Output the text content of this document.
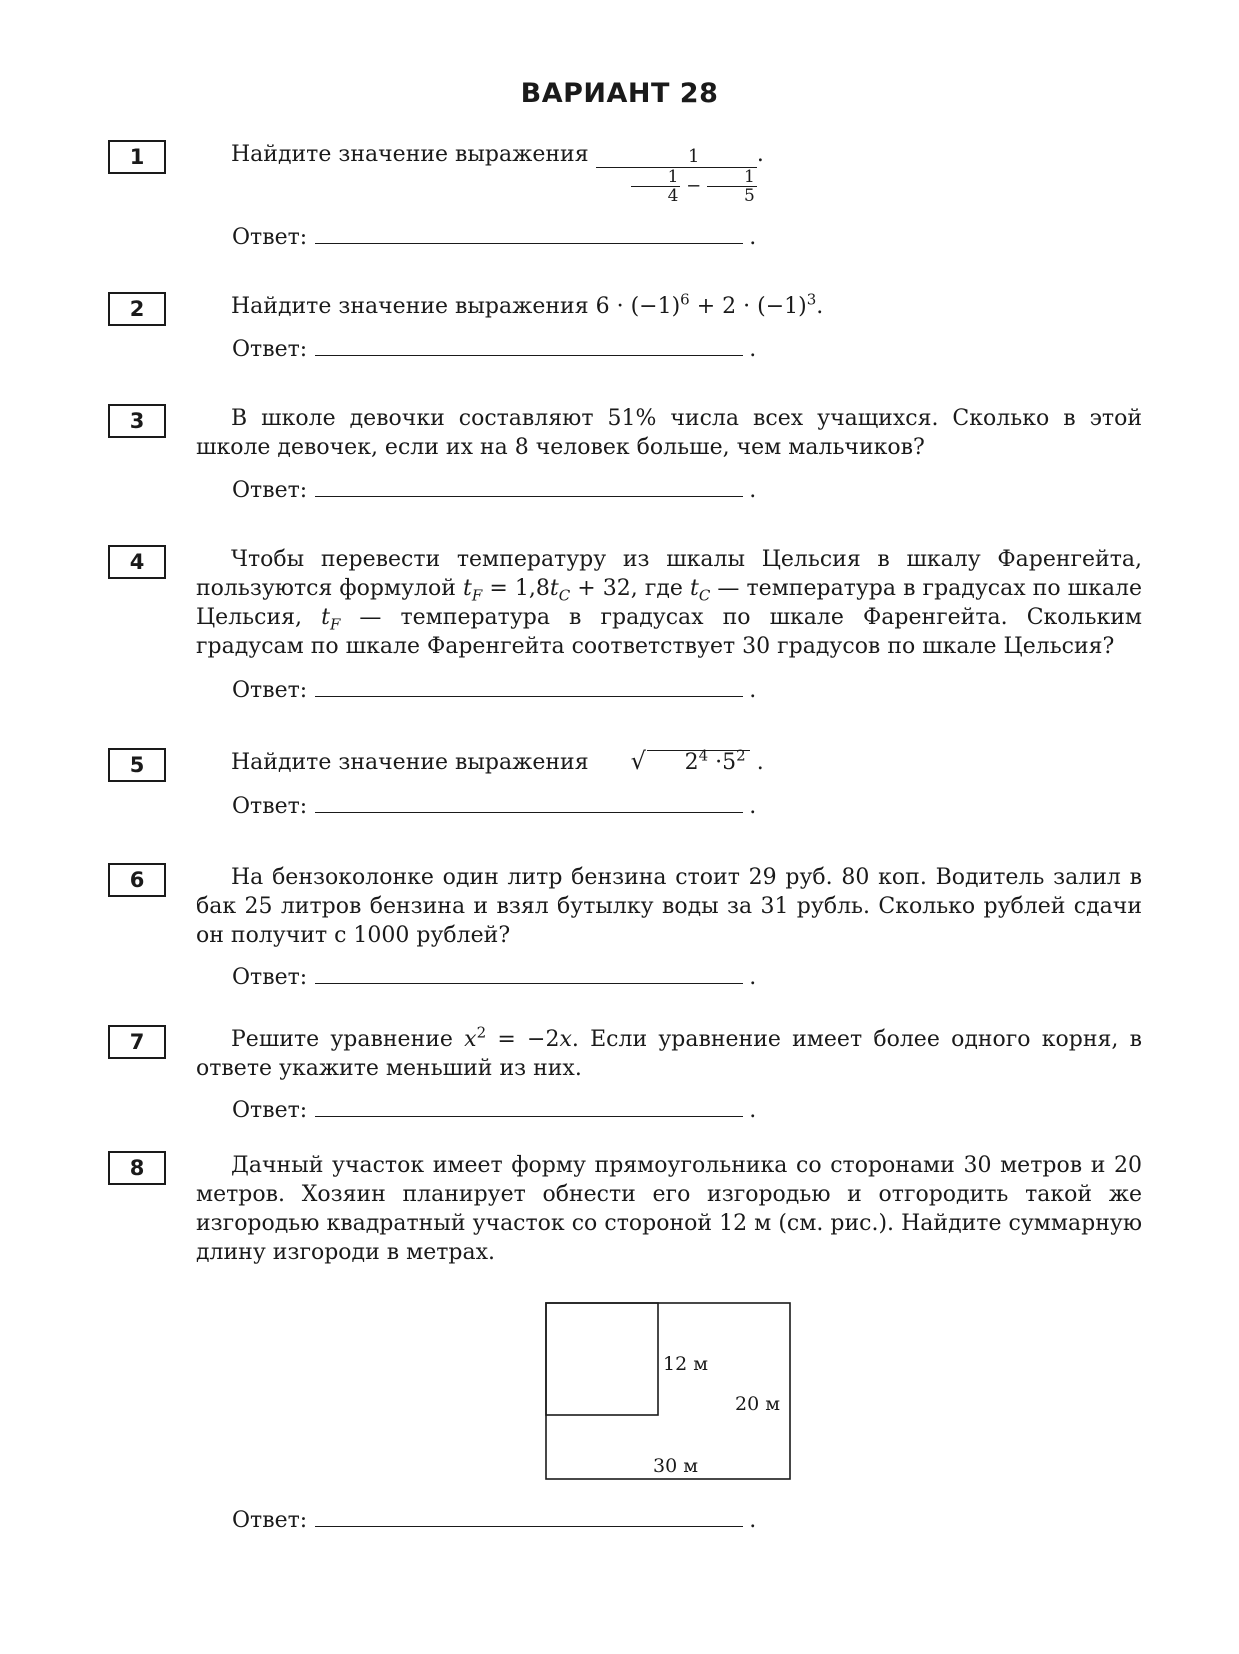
ВАРИАНТ 28
1	Найдите значение выражения $\frac{1}{\frac{1}{4} - \frac{1}{5}}$ .
Ответ:	.
2	Найдите значение выражения $6 \cdot (-1)^6 + 2 \cdot (-1)^3$.
Ответ:	.
3	В школе девочки составляют 51% числа всех учащихся. Сколько в этой школе девочек, если их на 8 человек больше, чем мальчиков?
Ответ:	.
4	Чтобы перевести температуру из шкалы Цельсия в шкалу Фаренгейта, пользуются формулой $t_F = 1,8t_C + 32$, где $t_C$ — температура в градусах по шкале Цельсия, $t_F$ — температура в градусах по шкале Фаренгейта. Скольким градусам по шкале Фаренгейта соответствует 30 градусов по шкале Цельсия?
Ответ:	.
5	Найдите значение выражения	√ $2^4 \cdot 5^2$ .
Ответ:	.
6	На бензоколонке один литр бензина стоит 29 руб. 80 коп. Водитель залил в бак 25 литров бензина и взял бутылку воды за 31 рубль. Сколько рублей сдачи он получит с 1000 рублей?
Ответ:	.
7	Решите уравнение $x^2 = -2x$. Если уравнение имеет более одного корня, в ответе укажите меньший из них.
Ответ:	.
8	Дачный участок имеет форму прямоугольника со сторонами 30 метров и 20 метров. Хозяин планирует обнести его изгородью и отгородить такой же изгородью квадратный участок со стороной 12 м (см. рис.). Найдите суммарную длину изгороди в метрах.
12 м
20 м
30 м
Ответ:	.
